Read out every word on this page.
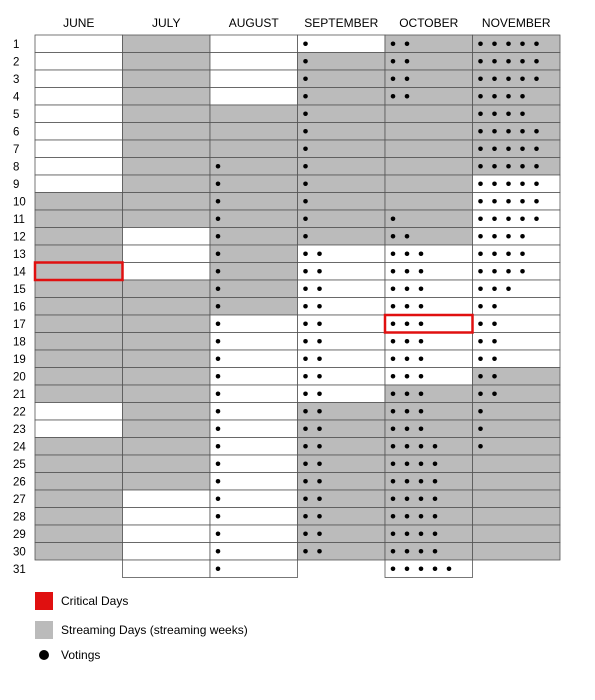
JUNE	JULY	AUGUST SEPTEMBER OCTOBER NOVEMBER
1
2
3
4
5
6
7
8
9
10
11
12
13
14
15
16
17
18
19
20
21
22
23
24
25
26
27
28
29
30
31
Critical Days
Streaming Days (streaming weeks)
Votings
